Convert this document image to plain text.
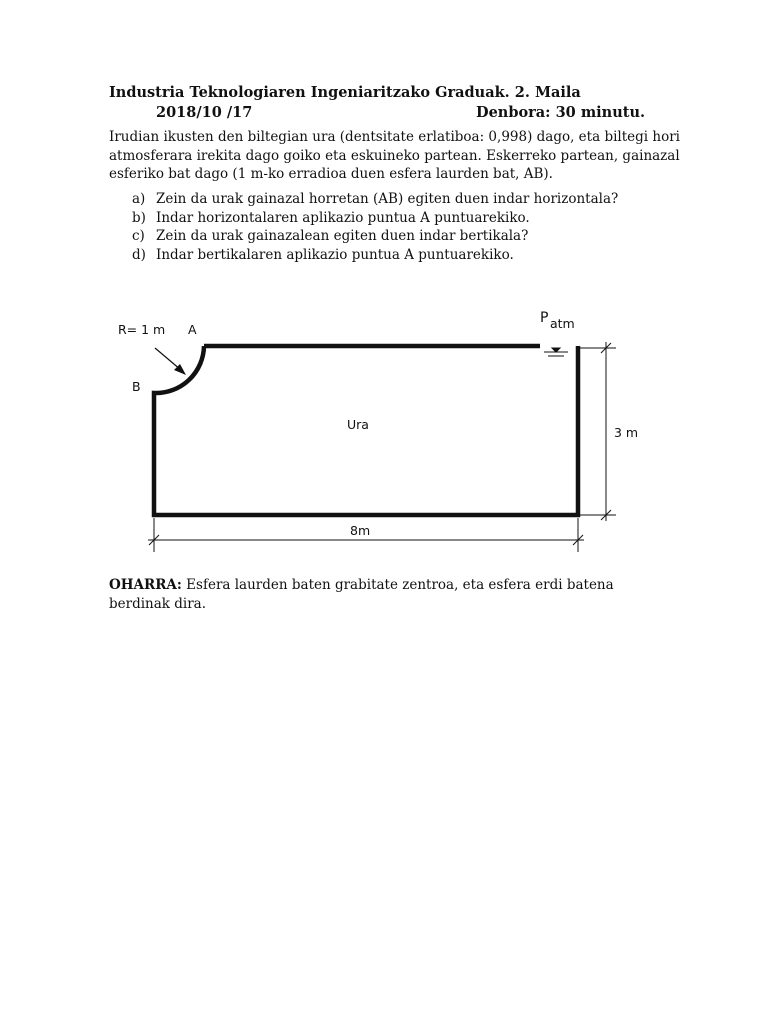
Industria Teknologiaren Ingeniaritzako Graduak. 2. Maila
2018/10 /17	Denbora: 30 minutu.
Irudian ikusten den biltegian ura (dentsitate erlatiboa: 0,998) dago, eta biltegi hori
atmosferara irekita dago goiko eta eskuineko partean. Eskerreko partean, gainazal
esferiko bat dago (1 m-ko erradioa duen esfera laurden bat, AB).
a) Zein da urak gainazal horretan (AB) egiten duen indar horizontala?
b) Indar horizontalaren aplikazio puntua A puntuarekiko.
c) Zein da urak gainazalean egiten duen indar bertikala?
d) Indar bertikalaren aplikazio puntua A puntuarekiko.
R= 1 m A
B
Ura
P atm
3 m
8m
OHARRA: Esfera laurden baten grabitate zentroa, eta esfera erdi batena berdinak dira.
